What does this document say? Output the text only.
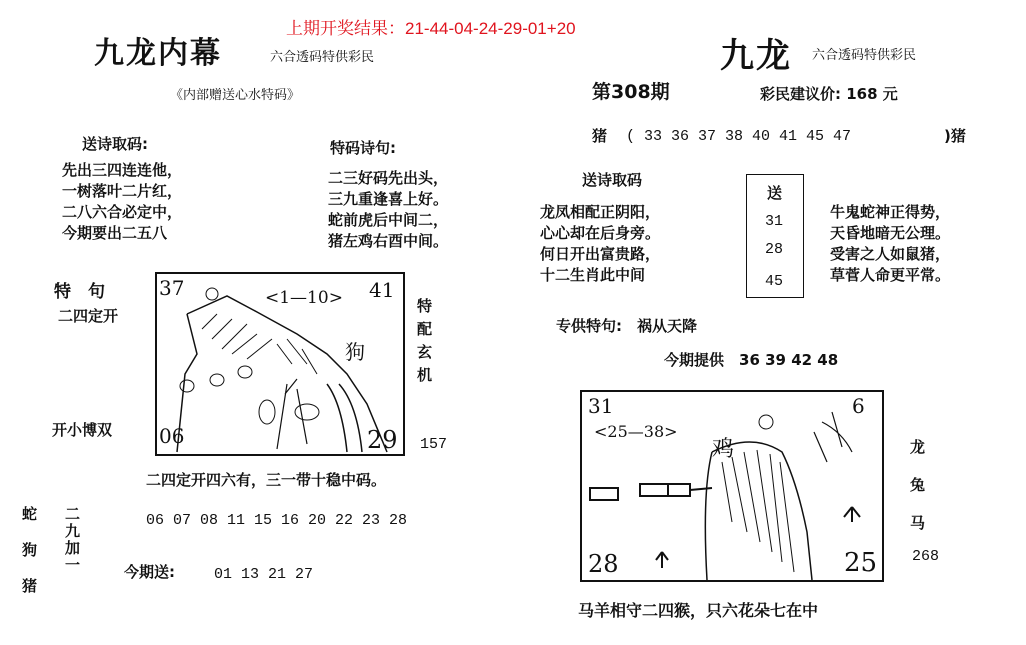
上期开奖结果：21-44-04-24-29-01+20
九龙内幕	六合透码特供彩民
《内部赠送心水特码》
送诗取码:
先出三四连连他，
一树落叶二片红，
二八六合必定中，
今期要出二五八
特码诗句:
二三好码先出头，
三九重逢喜上好。
蛇前虎后中间二，
猪左鸡右酉中间。
特　句
二四定开
开小博双
37	<1—10> 41
狗
06	29
特配玄机
157
二四定开四六有，三一带十稳中码。
蛇
狗
猪
二九加一	06 07 08 11 15 16 20 22 23 28
今期送:	01 13 21 27
九龙 六合透码特供彩民
第308期	彩民建议价: 168 元
猪 ( 33 36 37 38 40 41 45 47	)猪
送诗取码
龙凤相配正阴阳，
心心却在后身旁。
何日开出富贵路，
十二生肖此中间
送
31
28
45
牛鬼蛇神正得势，
天昏地暗无公理。
受害之人如鼠猪，
草菅人命更平常。
专供特句:　祸从天降
今期提供　36 39 42 48
31
<25—38>
鸡
6
28	25
龙
兔
马
268
马羊相守二四猴，只六花朵七在中
